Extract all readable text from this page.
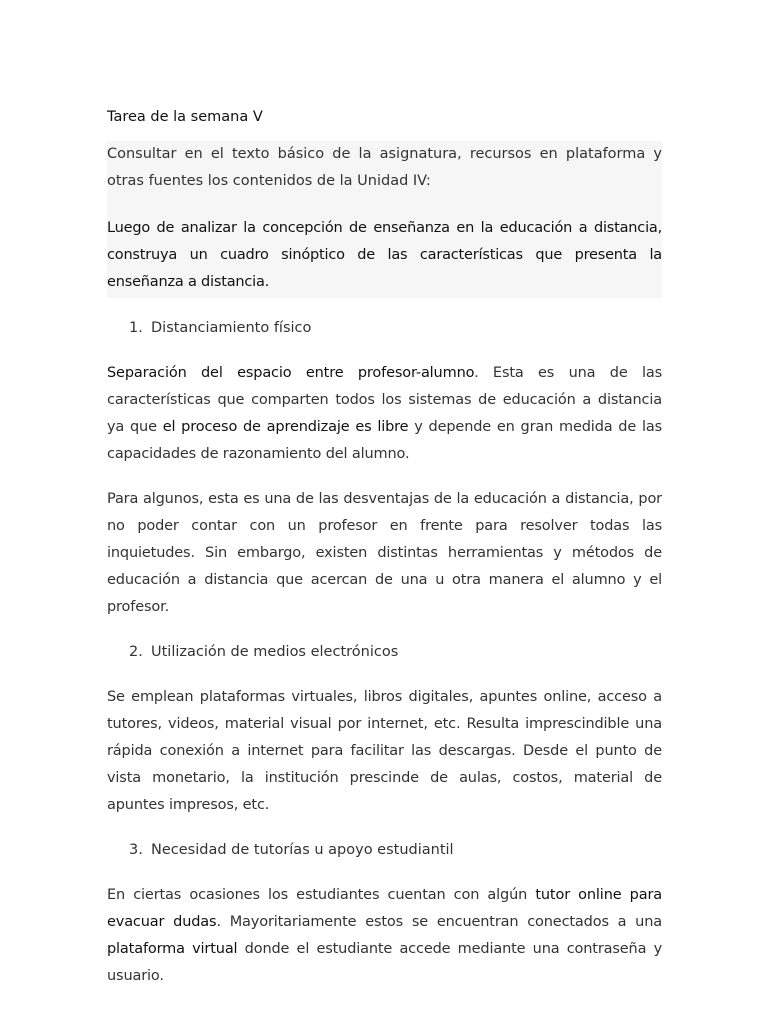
Tarea de la semana V

Consultar en el texto básico de la asignatura, recursos en plataforma y otras fuentes los contenidos de la Unidad IV:

Luego de analizar la concepción de enseñanza en la educación a distancia, construya un cuadro sinóptico de las características que presenta la enseñanza a distancia.

1. Distanciamiento físico

Separación del espacio entre profesor-alumno. Esta es una de las características que comparten todos los sistemas de educación a distancia ya que el proceso de aprendizaje es libre y depende en gran medida de las capacidades de razonamiento del alumno.

Para algunos, esta es una de las desventajas de la educación a distancia, por no poder contar con un profesor en frente para resolver todas las inquietudes. Sin embargo, existen distintas herramientas y métodos de educación a distancia que acercan de una u otra manera el alumno y el profesor.

2. Utilización de medios electrónicos

Se emplean plataformas virtuales, libros digitales, apuntes online, acceso a tutores, videos, material visual por internet, etc. Resulta imprescindible una rápida conexión a internet para facilitar las descargas. Desde el punto de vista monetario, la institución prescinde de aulas, costos, material de apuntes impresos, etc.

3. Necesidad de tutorías u apoyo estudiantil

En ciertas ocasiones los estudiantes cuentan con algún tutor online para evacuar dudas. Mayoritariamente estos se encuentran conectados a una plataforma virtual donde el estudiante accede mediante una contraseña y usuario.
